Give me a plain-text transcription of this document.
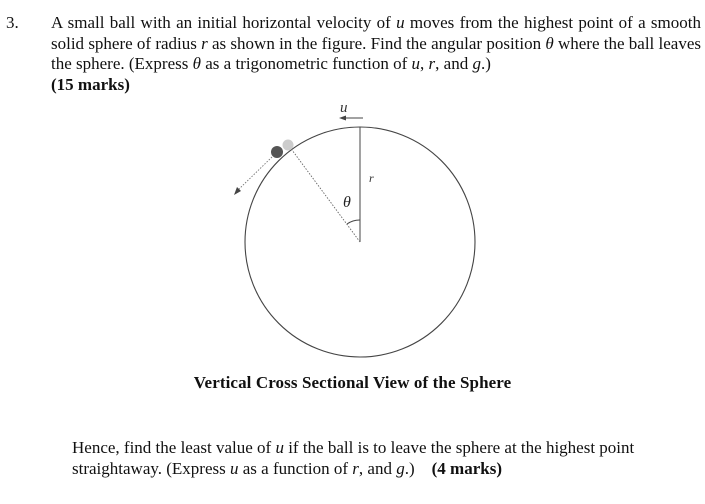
3. A small ball with an initial horizontal velocity of u moves from the highest point of a smooth solid sphere of radius r as shown in the figure. Find the angular position θ where the ball leaves the sphere. (Express θ as a trigonometric function of u, r, and g.)
(15 marks)
u
r
θ
Vertical Cross Sectional View of the Sphere
Hence, find the least value of u if the ball is to leave the sphere at the highest point straightaway. (Express u as a function of r, and g.) (4 marks)
